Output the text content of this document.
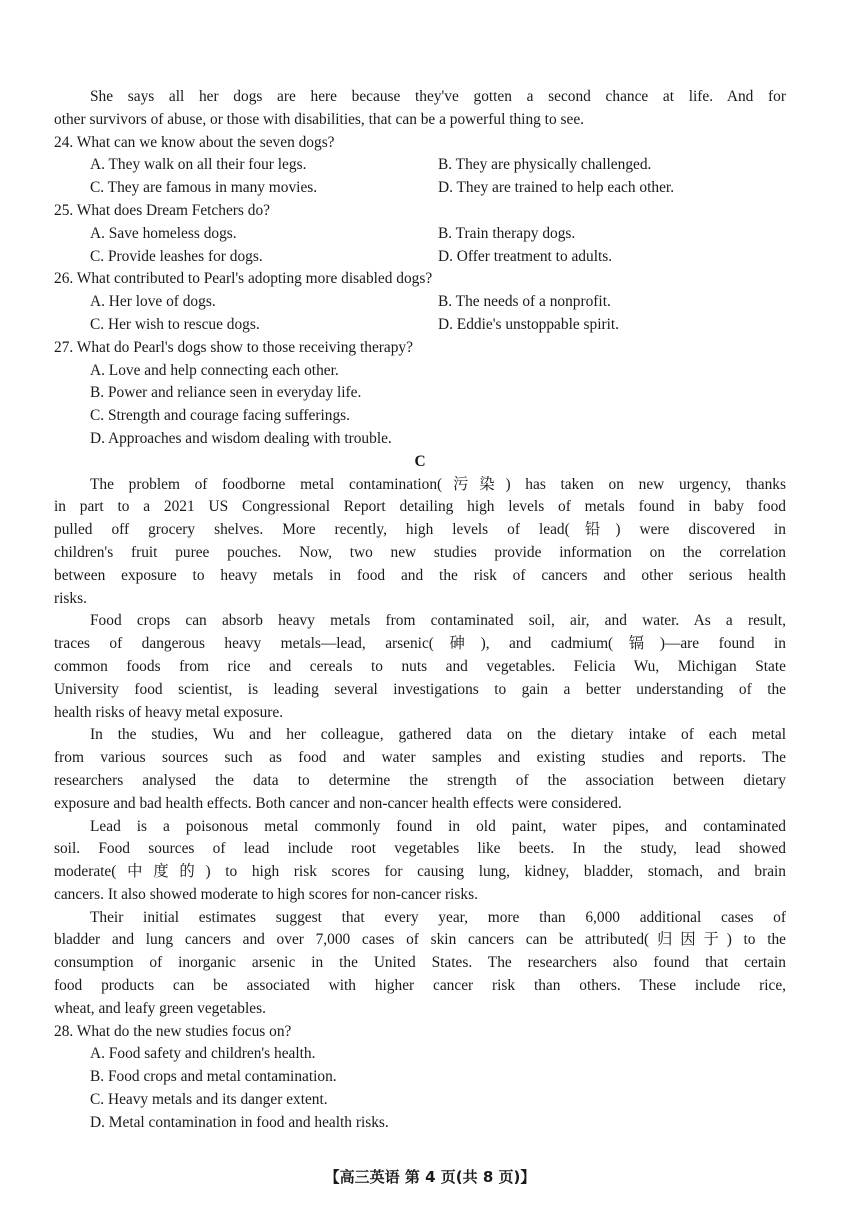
She says all her dogs are here because they've gotten a second chance at life. And for
other survivors of abuse, or those with disabilities, that can be a powerful thing to see.
24. What can we know about the seven dogs?
A. They walk on all their four legs.	B. They are physically challenged.
C. They are famous in many movies.	D. They are trained to help each other.
25. What does Dream Fetchers do?
A. Save homeless dogs.	B. Train therapy dogs.
C. Provide leashes for dogs.	D. Offer treatment to adults.
26. What contributed to Pearl's adopting more disabled dogs?
A. Her love of dogs.	B. The needs of a nonprofit.
C. Her wish to rescue dogs.	D. Eddie's unstoppable spirit.
27. What do Pearl's dogs show to those receiving therapy?
A. Love and help connecting each other.
B. Power and reliance seen in everyday life.
C. Strength and courage facing sufferings.
D. Approaches and wisdom dealing with trouble.
C
The problem of foodborne metal contamination(污染) has taken on new urgency, thanks
in part to a 2021 US Congressional Report detailing high levels of metals found in baby food
pulled off grocery shelves. More recently, high levels of lead(铅) were discovered in
children's fruit puree pouches. Now, two new studies provide information on the correlation
between exposure to heavy metals in food and the risk of cancers and other serious health
risks.
Food crops can absorb heavy metals from contaminated soil, air, and water. As a result,
traces of dangerous heavy metals—lead, arsenic(砷), and cadmium(镉)—are found in
common foods from rice and cereals to nuts and vegetables. Felicia Wu, Michigan State
University food scientist, is leading several investigations to gain a better understanding of the
health risks of heavy metal exposure.
In the studies, Wu and her colleague, gathered data on the dietary intake of each metal
from various sources such as food and water samples and existing studies and reports. The
researchers analysed the data to determine the strength of the association between dietary
exposure and bad health effects. Both cancer and non-cancer health effects were considered.
Lead is a poisonous metal commonly found in old paint, water pipes, and contaminated
soil. Food sources of lead include root vegetables like beets. In the study, lead showed
moderate(中度的) to high risk scores for causing lung, kidney, bladder, stomach, and brain
cancers. It also showed moderate to high scores for non-cancer risks.
Their initial estimates suggest that every year, more than 6,000 additional cases of
bladder and lung cancers and over 7,000 cases of skin cancers can be attributed(归因于) to the
consumption of inorganic arsenic in the United States. The researchers also found that certain
food products can be associated with higher cancer risk than others. These include rice,
wheat, and leafy green vegetables.
28. What do the new studies focus on?
A. Food safety and children's health.
B. Food crops and metal contamination.
C. Heavy metals and its danger extent.
D. Metal contamination in food and health risks.
【高三英语 第 4 页(共 8 页)】
